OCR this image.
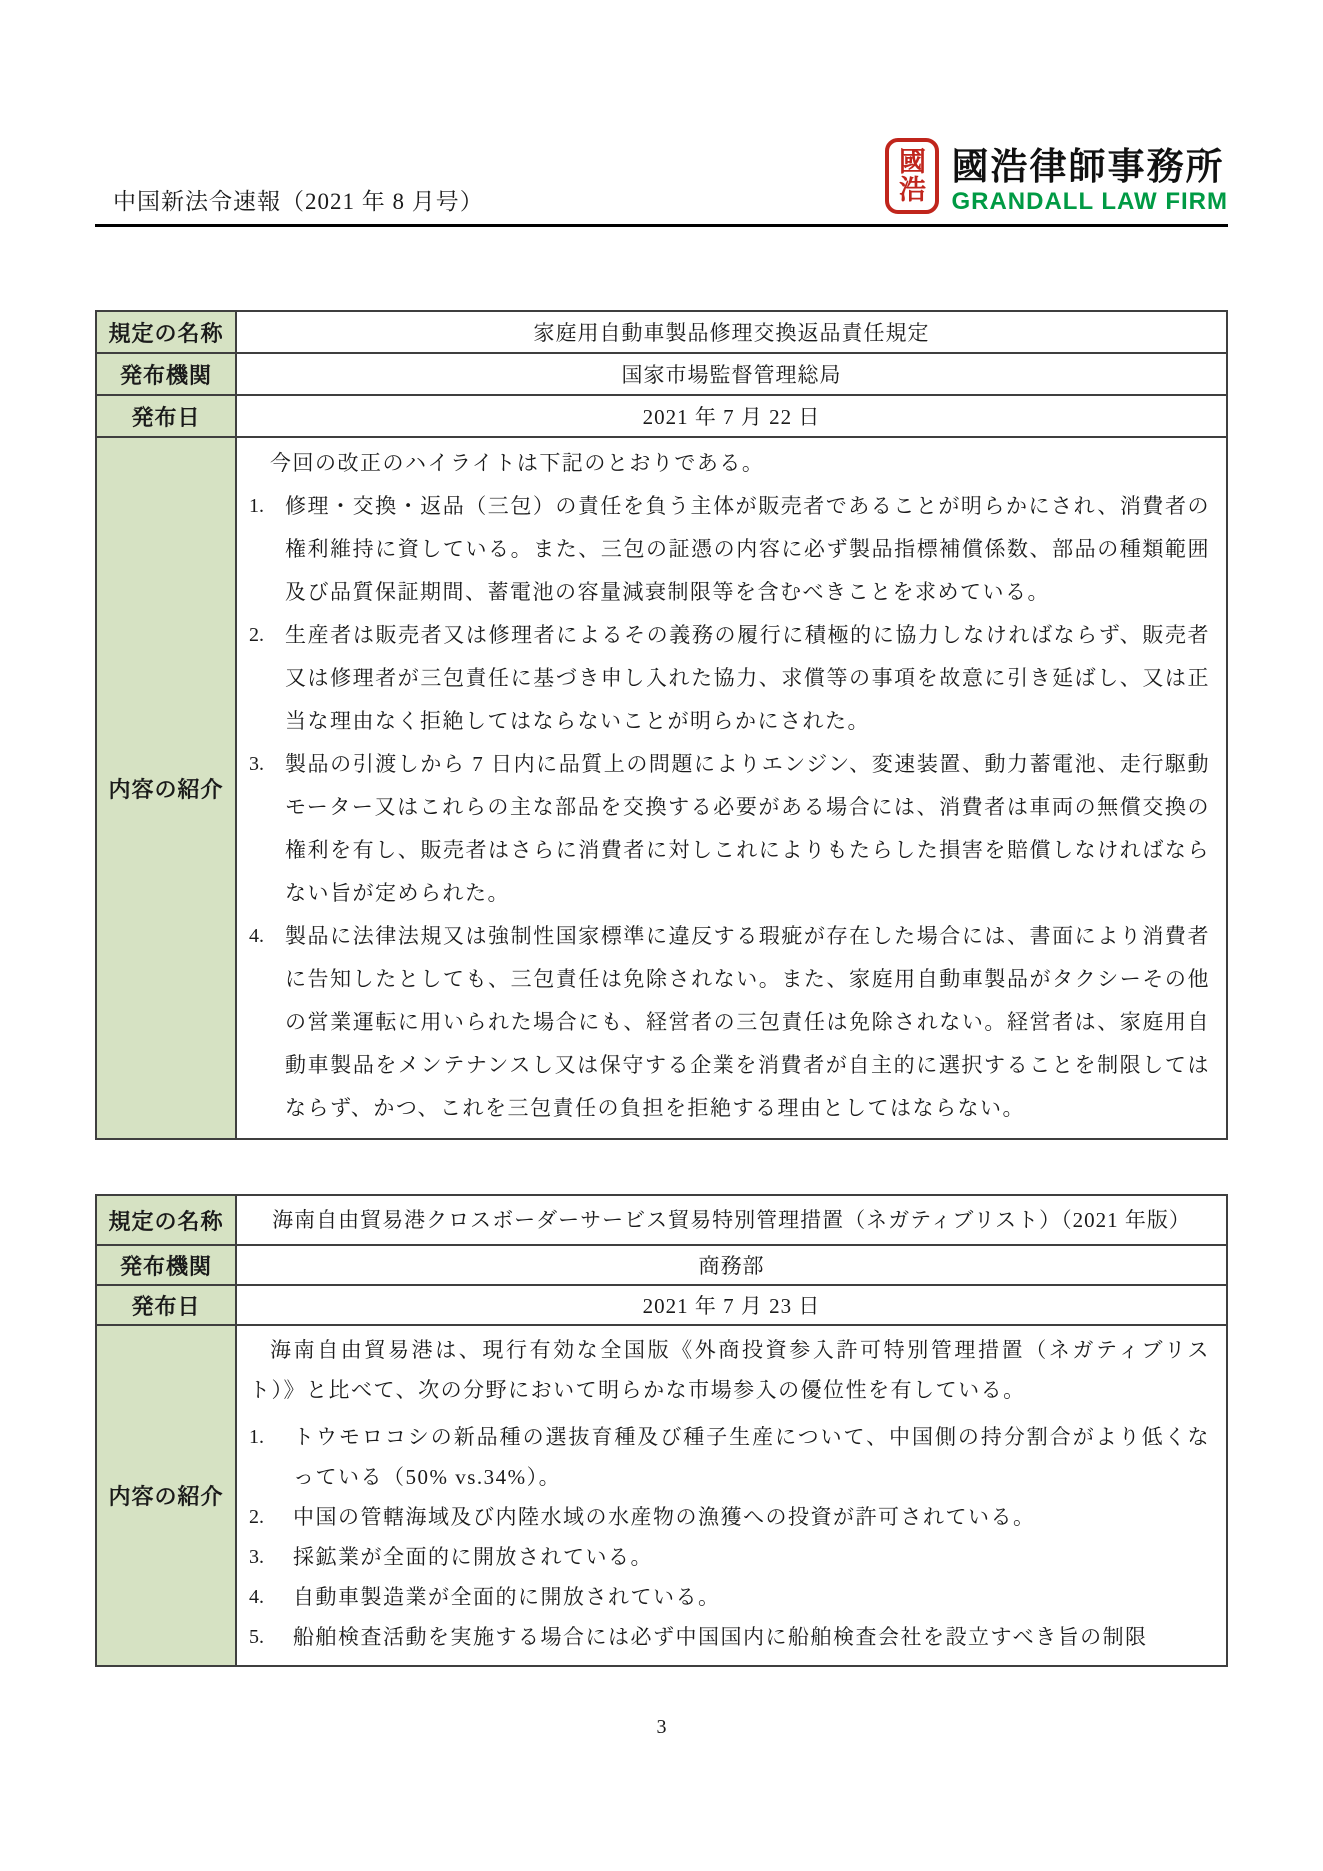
中国新法令速報（2021 年 8 月号）
國
浩
國浩律師事務所
GRANDALL LAW FIRM
規定の名称	家庭用自動車製品修理交換返品責任規定
発布機関	国家市場監督管理総局
発布日	2021 年 7 月 22 日
内容の紹介	

今回の改正のハイライトは下記のとおりである。

1.	修理・交換・返品（三包）の責任を負う主体が販売者であることが明らかにされ、消費者の権利維持に資している。また、三包の証憑の内容に必ず製品指標補償係数、部品の種類範囲及び品質保証期間、蓄電池の容量減衰制限等を含むべきことを求めている。
2.	生産者は販売者又は修理者によるその義務の履行に積極的に協力しなければならず、販売者又は修理者が三包責任に基づき申し入れた協力、求償等の事項を故意に引き延ばし、又は正当な理由なく拒絶してはならないことが明らかにされた。
3.	製品の引渡しから 7 日内に品質上の問題によりエンジン、変速装置、動力蓄電池、走行駆動モーター又はこれらの主な部品を交換する必要がある場合には、消費者は車両の無償交換の権利を有し、販売者はさらに消費者に対しこれによりもたらした損害を賠償しなければならない旨が定められた。
4.	製品に法律法規又は強制性国家標準に違反する瑕疵が存在した場合には、書面により消費者に告知したとしても、三包責任は免除されない。また、家庭用自動車製品がタクシーその他の営業運転に用いられた場合にも、経営者の三包責任は免除されない。経営者は、家庭用自動車製品をメンテナンスし又は保守する企業を消費者が自主的に選択することを制限してはならず、かつ、これを三包責任の負担を拒絶する理由としてはならない。
規定の名称	海南自由貿易港クロスボーダーサービス貿易特別管理措置（ネガティブリスト）（2021 年版）
発布機関	商務部
発布日	2021 年 7 月 23 日
内容の紹介	

海南自由貿易港は、現行有効な全国版《外商投資参入許可特別管理措置（ネガティブリスト）》と比べて、次の分野において明らかな市場参入の優位性を有している。

1.	トウモロコシの新品種の選抜育種及び種子生産について、中国側の持分割合がより低くなっている（50% vs.34%）。
2.	中国の管轄海域及び内陸水域の水産物の漁獲への投資が許可されている。
3.	採鉱業が全面的に開放されている。
4.	自動車製造業が全面的に開放されている。
5.	船舶検査活動を実施する場合には必ず中国国内に船舶検査会社を設立すべき旨の制限
3
